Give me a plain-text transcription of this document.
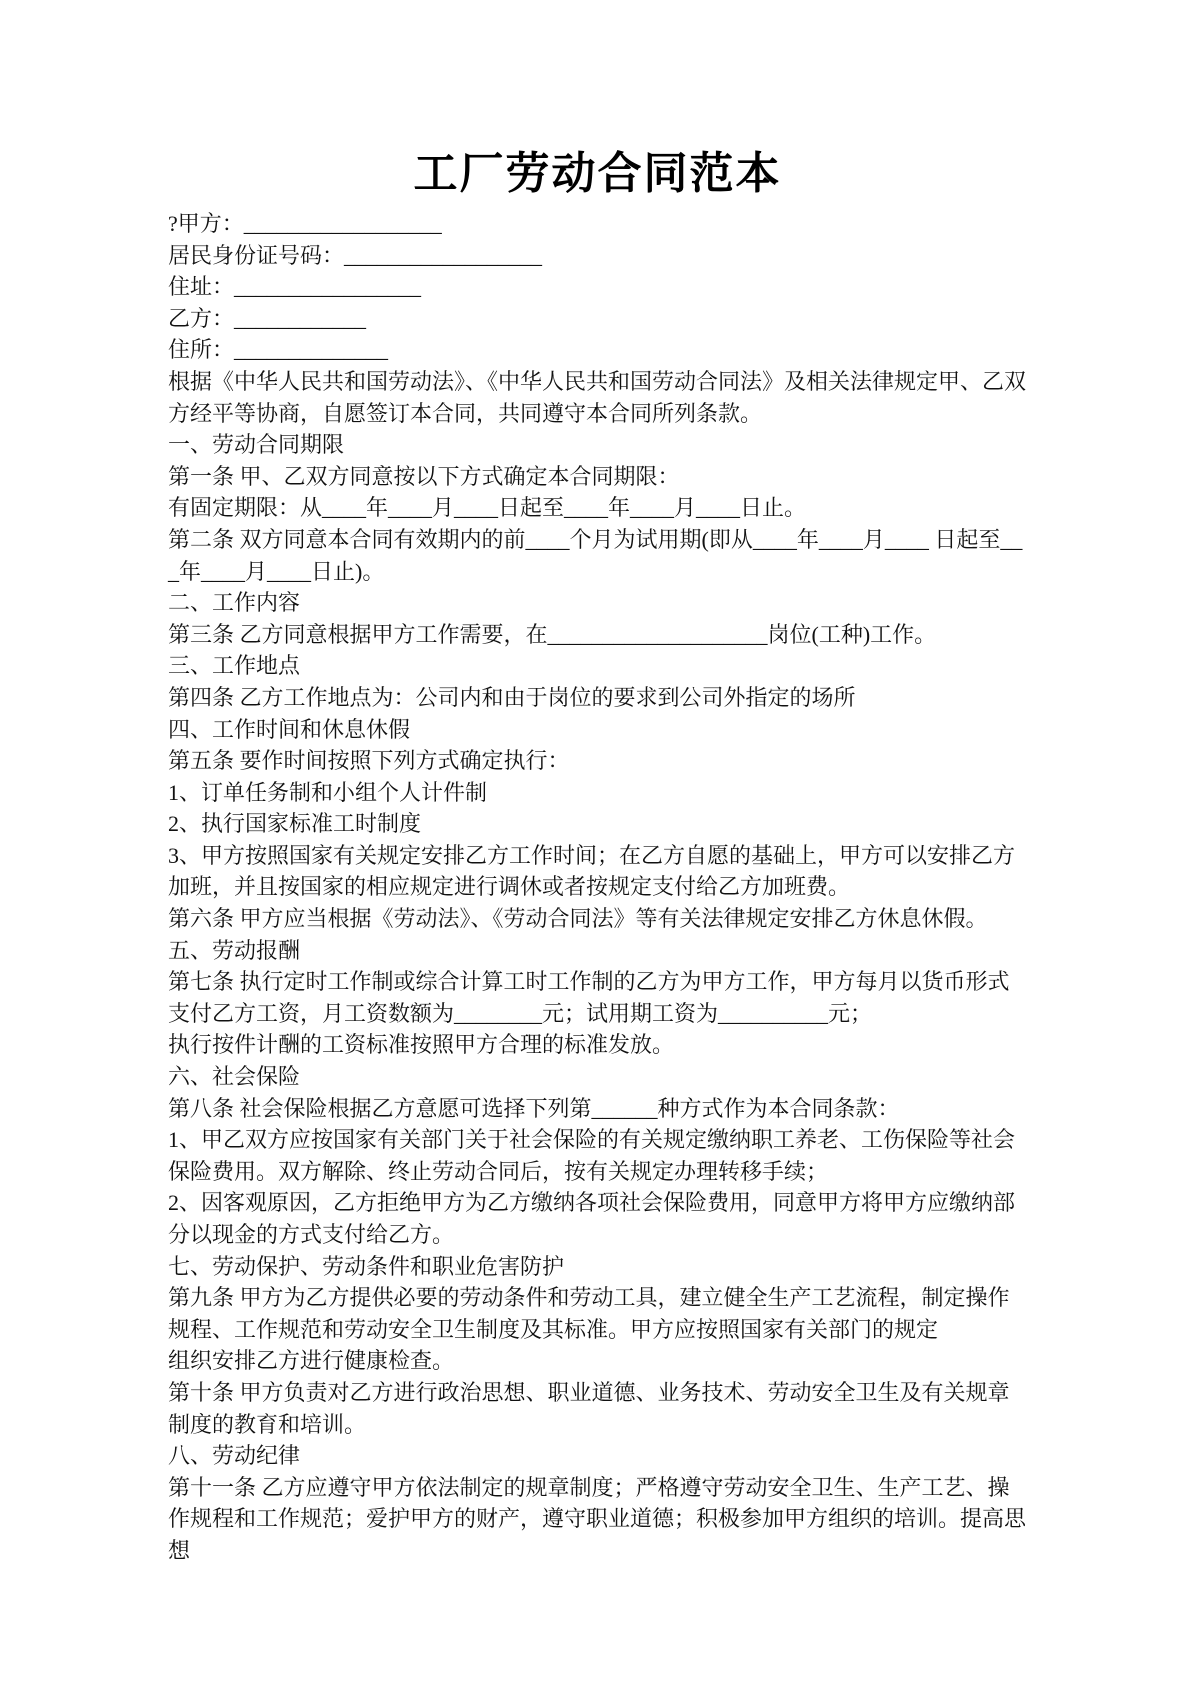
工厂劳动合同范本

?甲方：__________________

居民身份证号码：__________________

住址：_________________

乙方：____________

住所：______________

根据《中华人民共和国劳动法》、《中华人民共和国劳动合同法》及相关法律规定甲、乙双方经平等协商，自愿签订本合同，共同遵守本合同所列条款。

一、劳动合同期限

第一条 甲、乙双方同意按以下方式确定本合同期限：

有固定期限：从____年____月____日起至____年____月____日止。

第二条 双方同意本合同有效期内的前____个月为试用期(即从____年____月____ 日起至___年____月____日止)。

二、工作内容

第三条 乙方同意根据甲方工作需要，在____________________岗位(工种)工作。

三、工作地点

第四条 乙方工作地点为：公司内和由于岗位的要求到公司外指定的场所

四、工作时间和休息休假

第五条 要作时间按照下列方式确定执行：

1、订单任务制和小组个人计件制

2、执行国家标准工时制度

3、甲方按照国家有关规定安排乙方工作时间；在乙方自愿的基础上，甲方可以安排乙方加班，并且按国家的相应规定进行调休或者按规定支付给乙方加班费。

第六条 甲方应当根据《劳动法》、《劳动合同法》等有关法律规定安排乙方休息休假。

五、劳动报酬

第七条 执行定时工作制或综合计算工时工作制的乙方为甲方工作，甲方每月以货币形式支付乙方工资，月工资数额为________元；试用期工资为__________元；

执行按件计酬的工资标准按照甲方合理的标准发放。

六、社会保险

第八条 社会保险根据乙方意愿可选择下列第______种方式作为本合同条款：

1、甲乙双方应按国家有关部门关于社会保险的有关规定缴纳职工养老、工伤保险等社会保险费用。双方解除、终止劳动合同后，按有关规定办理转移手续；

2、因客观原因，乙方拒绝甲方为乙方缴纳各项社会保险费用，同意甲方将甲方应缴纳部分以现金的方式支付给乙方。

七、劳动保护、劳动条件和职业危害防护

第九条 甲方为乙方提供必要的劳动条件和劳动工具，建立健全生产工艺流程，制定操作规程、工作规范和劳动安全卫生制度及其标准。甲方应按照国家有关部门的规定

组织安排乙方进行健康检查。

第十条 甲方负责对乙方进行政治思想、职业道德、业务技术、劳动安全卫生及有关规章制度的教育和培训。

八、劳动纪律

第十一条 乙方应遵守甲方依法制定的规章制度；严格遵守劳动安全卫生、生产工艺、操作规程和工作规范；爱护甲方的财产，遵守职业道德；积极参加甲方组织的培训。提高思想
